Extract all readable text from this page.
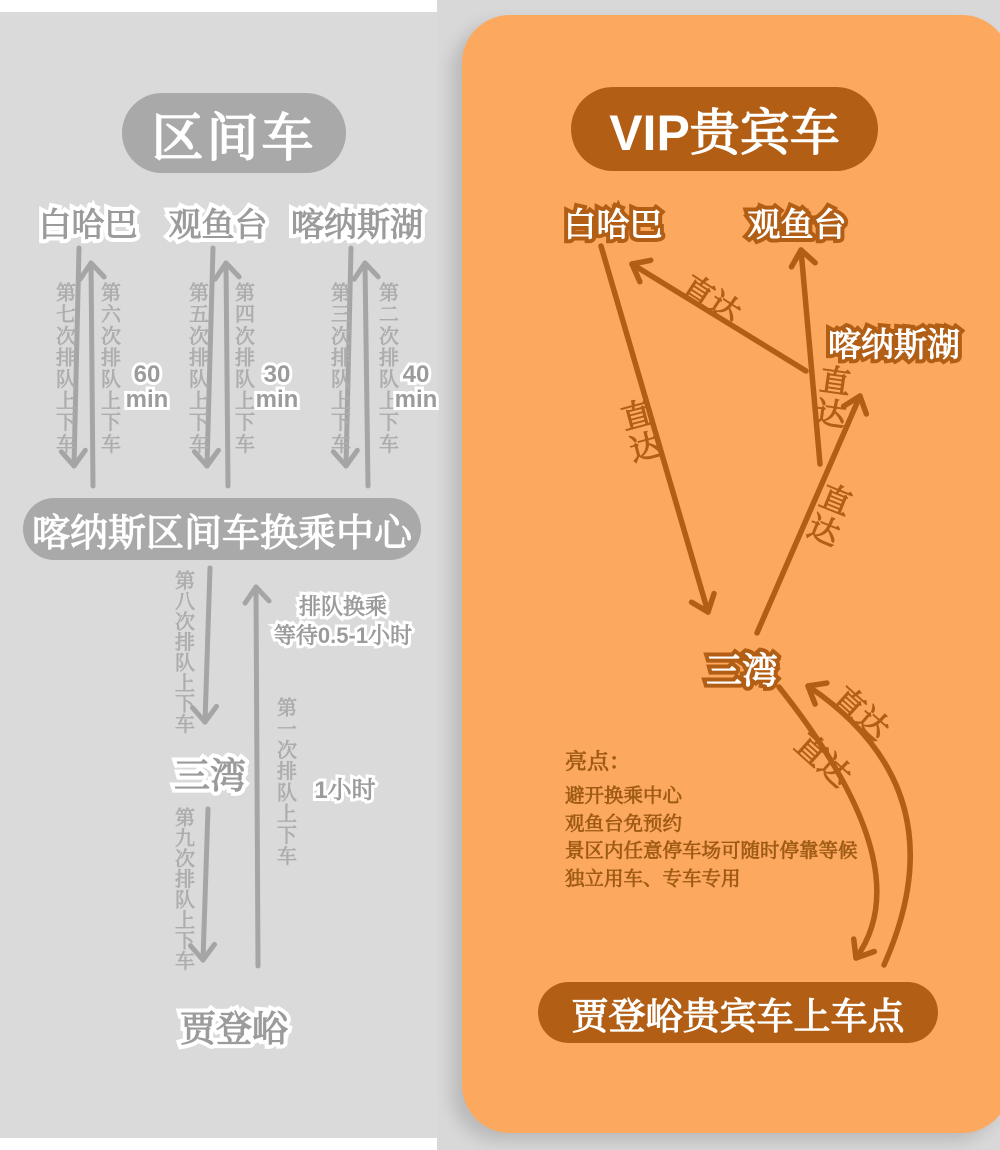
区间车
白哈巴 观鱼台 喀纳斯湖
第七次排队上下车 第六次排队上下车	第五次排队上下车 第四次排队上下车	第三次排队上下车 第二次排队上下车
第八次排队上下车
第一次排队上下车
第九次排队上下车
60
min
30
min
40
min
喀纳斯区间车换乘中心
排队换乘
等待0.5-1小时
1小时
三湾
贾登峪
VIP贵宾车
白哈巴	观鱼台
喀纳斯湖
三湾
直达
直达
直达
直达
直达
直达
亮点：
避开换乘中心
观鱼台免预约
景区内任意停车场可随时停靠等候
独立用车、专车专用
贾登峪贵宾车上车点
